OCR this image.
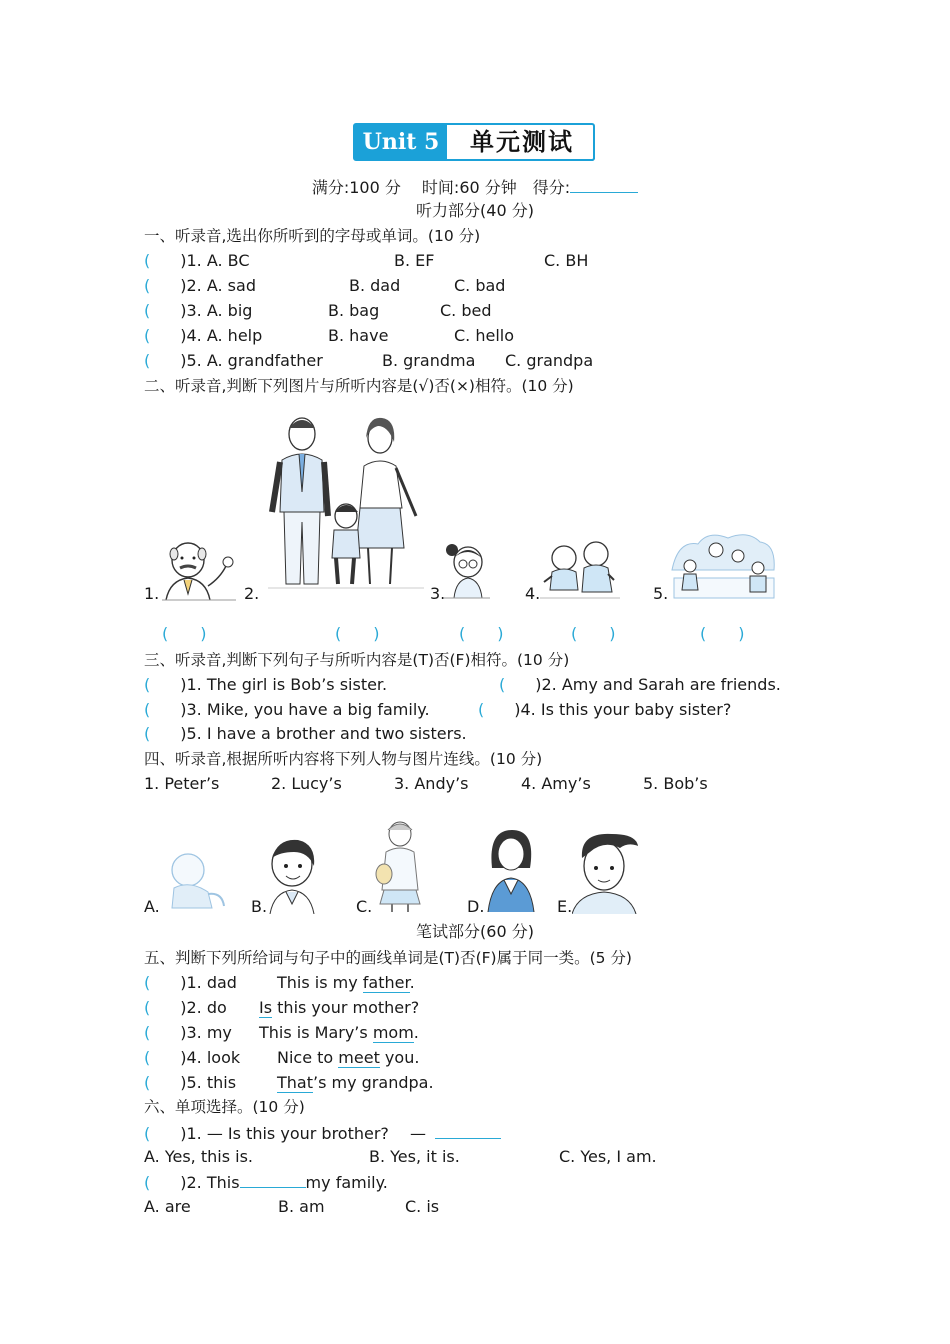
Unit 5	单元测试
满分:100 分　 时间:60 分钟　得分:
听力部分(40 分)
一、听录音,选出你所听到的字母或单词。(10 分)
( )1. A. BC	B. EF	C. BH
( )2. A. sad	B. dad	C. bad
( )3. A. big	B. bag	C. bed
( )4. A. help	B. have	C. hello
( )5. A. grandfather	B. grandma C. grandpa
二、听录音,判断下列图片与所听内容是(√)否(×)相符。(10 分)
1.	2.	3.	4.	5.
( )	( )	( )	( )	( )
三、听录音,判断下列句子与所听内容是(T)否(F)相符。(10 分)
( )1. The girl is Bob’s sister.	( )2. Amy and Sarah are friends.
( )3. Mike, you have a big family.	( )4. Is this your baby sister?
( )5. I have a brother and two sisters.
四、听录音,根据所听内容将下列人物与图片连线。(10 分)
1. Peter’s	2. Lucy’s	3. Andy’s	4. Amy’s	5. Bob’s
A.	B.	C.	D.	E.
笔试部分(60 分)
五、判断下列所给词与句子中的画线单词是(T)否(F)属于同一类。(5 分)
( )1. dad	This is my father.
( )2. do Is this your mother?
( )3. my This is Mary’s mom.
( )4. look Nice to meet you.
( )5. this	That’s my grandpa.
六、单项选择。(10 分)
( )1. — Is this your brother?　 —
A. Yes, this is.	B. Yes, it is.	C. Yes, I am.
( )2. This	my family.
A. are	B. am	C. is
